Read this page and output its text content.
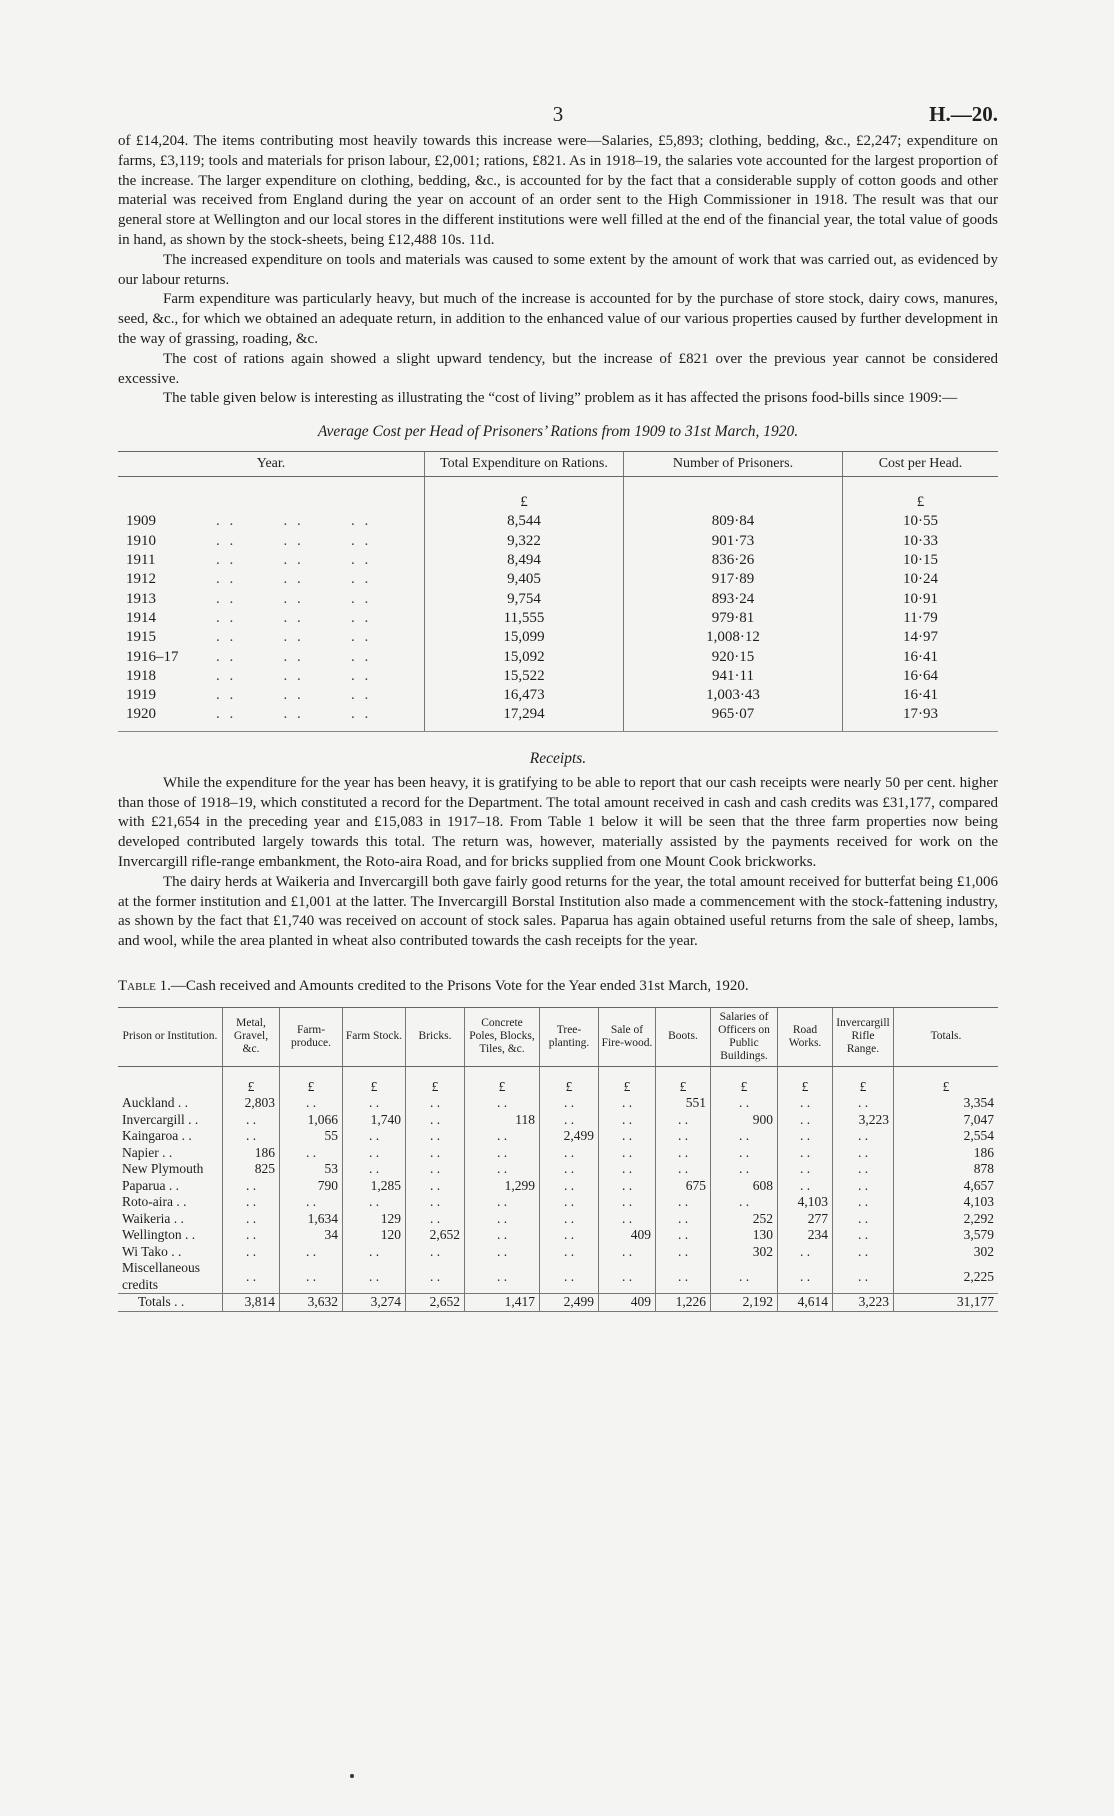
3	H.—20.

of £14,204. The items contributing most heavily towards this increase were—Salaries, £5,893; clothing, bedding, &c., £2,247; expenditure on farms, £3,119; tools and materials for prison labour, £2,001; rations, £821. As in 1918–19, the salaries vote accounted for the largest proportion of the increase. The larger expenditure on clothing, bedding, &c., is accounted for by the fact that a considerable supply of cotton goods and other material was received from England during the year on account of an order sent to the High Commissioner in 1918. The result was that our general store at Wellington and our local stores in the different institutions were well filled at the end of the financial year, the total value of goods in hand, as shown by the stock-sheets, being £12,488 10s. 11d.

The increased expenditure on tools and materials was caused to some extent by the amount of work that was carried out, as evidenced by our labour returns.

Farm expenditure was particularly heavy, but much of the increase is accounted for by the purchase of store stock, dairy cows, manures, seed, &c., for which we obtained an adequate return, in addition to the enhanced value of our various properties caused by further development in the way of grassing, roading, &c.

The cost of rations again showed a slight upward tendency, but the increase of £821 over the previous year cannot be considered excessive.

The table given below is interesting as illustrating the “cost of living” problem as it has affected the prisons food-bills since 1909:—

Average Cost per Head of Prisoners’ Rations from 1909 to 31st March, 1920.
Year.	Total Expenditure on Rations.	Number of Prisoners.	Cost per Head.
	£		£
1909 . .       . .       . .	8,544	809·84	10·55
1910 . .       . .       . .	9,322	901·73	10·33
1911 . .       . .       . .	8,494	836·26	10·15
1912 . .       . .       . .	9,405	917·89	10·24
1913 . .       . .       . .	9,754	893·24	10·91
1914 . .       . .       . .	11,555	979·81	11·79
1915 . .       . .       . .	15,099	1,008·12	14·97
1916–17 . .       . .       . .	15,092	920·15	16·41
1918 . .       . .       . .	15,522	941·11	16·64
1919 . .       . .       . .	16,473	1,003·43	16·41
1920 . .       . .       . .	17,294	965·07	17·93
Receipts.

While the expenditure for the year has been heavy, it is gratifying to be able to report that our cash receipts were nearly 50 per cent. higher than those of 1918–19, which constituted a record for the Department. The total amount received in cash and cash credits was £31,177, compared with £21,654 in the preceding year and £15,083 in 1917–18. From Table 1 below it will be seen that the three farm properties now being developed contributed largely towards this total. The return was, however, materially assisted by the payments received for work on the Invercargill rifle-range embankment, the Roto-aira Road, and for bricks supplied from one Mount Cook brickworks.

The dairy herds at Waikeria and Invercargill both gave fairly good returns for the year, the total amount received for butterfat being £1,006 at the former institution and £1,001 at the latter. The Invercargill Borstal Institution also made a commencement with the stock-fattening industry, as shown by the fact that £1,740 was received on account of stock sales. Paparua has again obtained useful returns from the sale of sheep, lambs, and wool, while the area planted in wheat also contributed towards the cash receipts for the year.

Table 1.—Cash received and Amounts credited to the Prisons Vote for the Year ended 31st March, 1920.
Prison or Institution.	Metal, Gravel, &c.	Farm-produce.	Farm Stock.	Bricks.	Concrete Poles, Blocks, Tiles, &c.	Tree-planting.	Sale of Fire-wood.	Boots.	Salaries of Officers on Public Buildings.	Road Works.	Invercargill Rifle Range.	Totals.
	£	£	£	£	£	£	£	£	£	£	£	£
Auckland . .	2,803	. .	. .	. .	. .	. .	. .	551	. .	. .	. .	3,354
Invercargill . .	. .	1,066	1,740	. .	118	. .	. .	. .	900	. .	3,223	7,047
Kaingaroa . .	. .	55	. .	. .	. .	2,499	. .	. .	. .	. .	. .	2,554
Napier . .	186	. .	. .	. .	. .	. .	. .	. .	. .	. .	. .	186
New Plymouth	825	53	. .	. .	. .	. .	. .	. .	. .	. .	. .	878
Paparua . .	. .	790	1,285	. .	1,299	. .	. .	675	608	. .	. .	4,657
Roto-aira . .	. .	. .	. .	. .	. .	. .	. .	. .	. .	4,103	. .	4,103
Waikeria . .	. .	1,634	129	. .	. .	. .	. .	. .	252	277	. .	2,292
Wellington . .	. .	34	120	2,652	. .	. .	409	. .	130	234	. .	3,579
Wi Tako . .	. .	. .	. .	. .	. .	. .	. .	. .	302	. .	. .	302
Miscellaneous credits	. .	. .	. .	. .	. .	. .	. .	. .	. .	. .	. .	2,225
Totals . .	3,814	3,632	3,274	2,652	1,417	2,499	409	1,226	2,192	4,614	3,223	31,177
